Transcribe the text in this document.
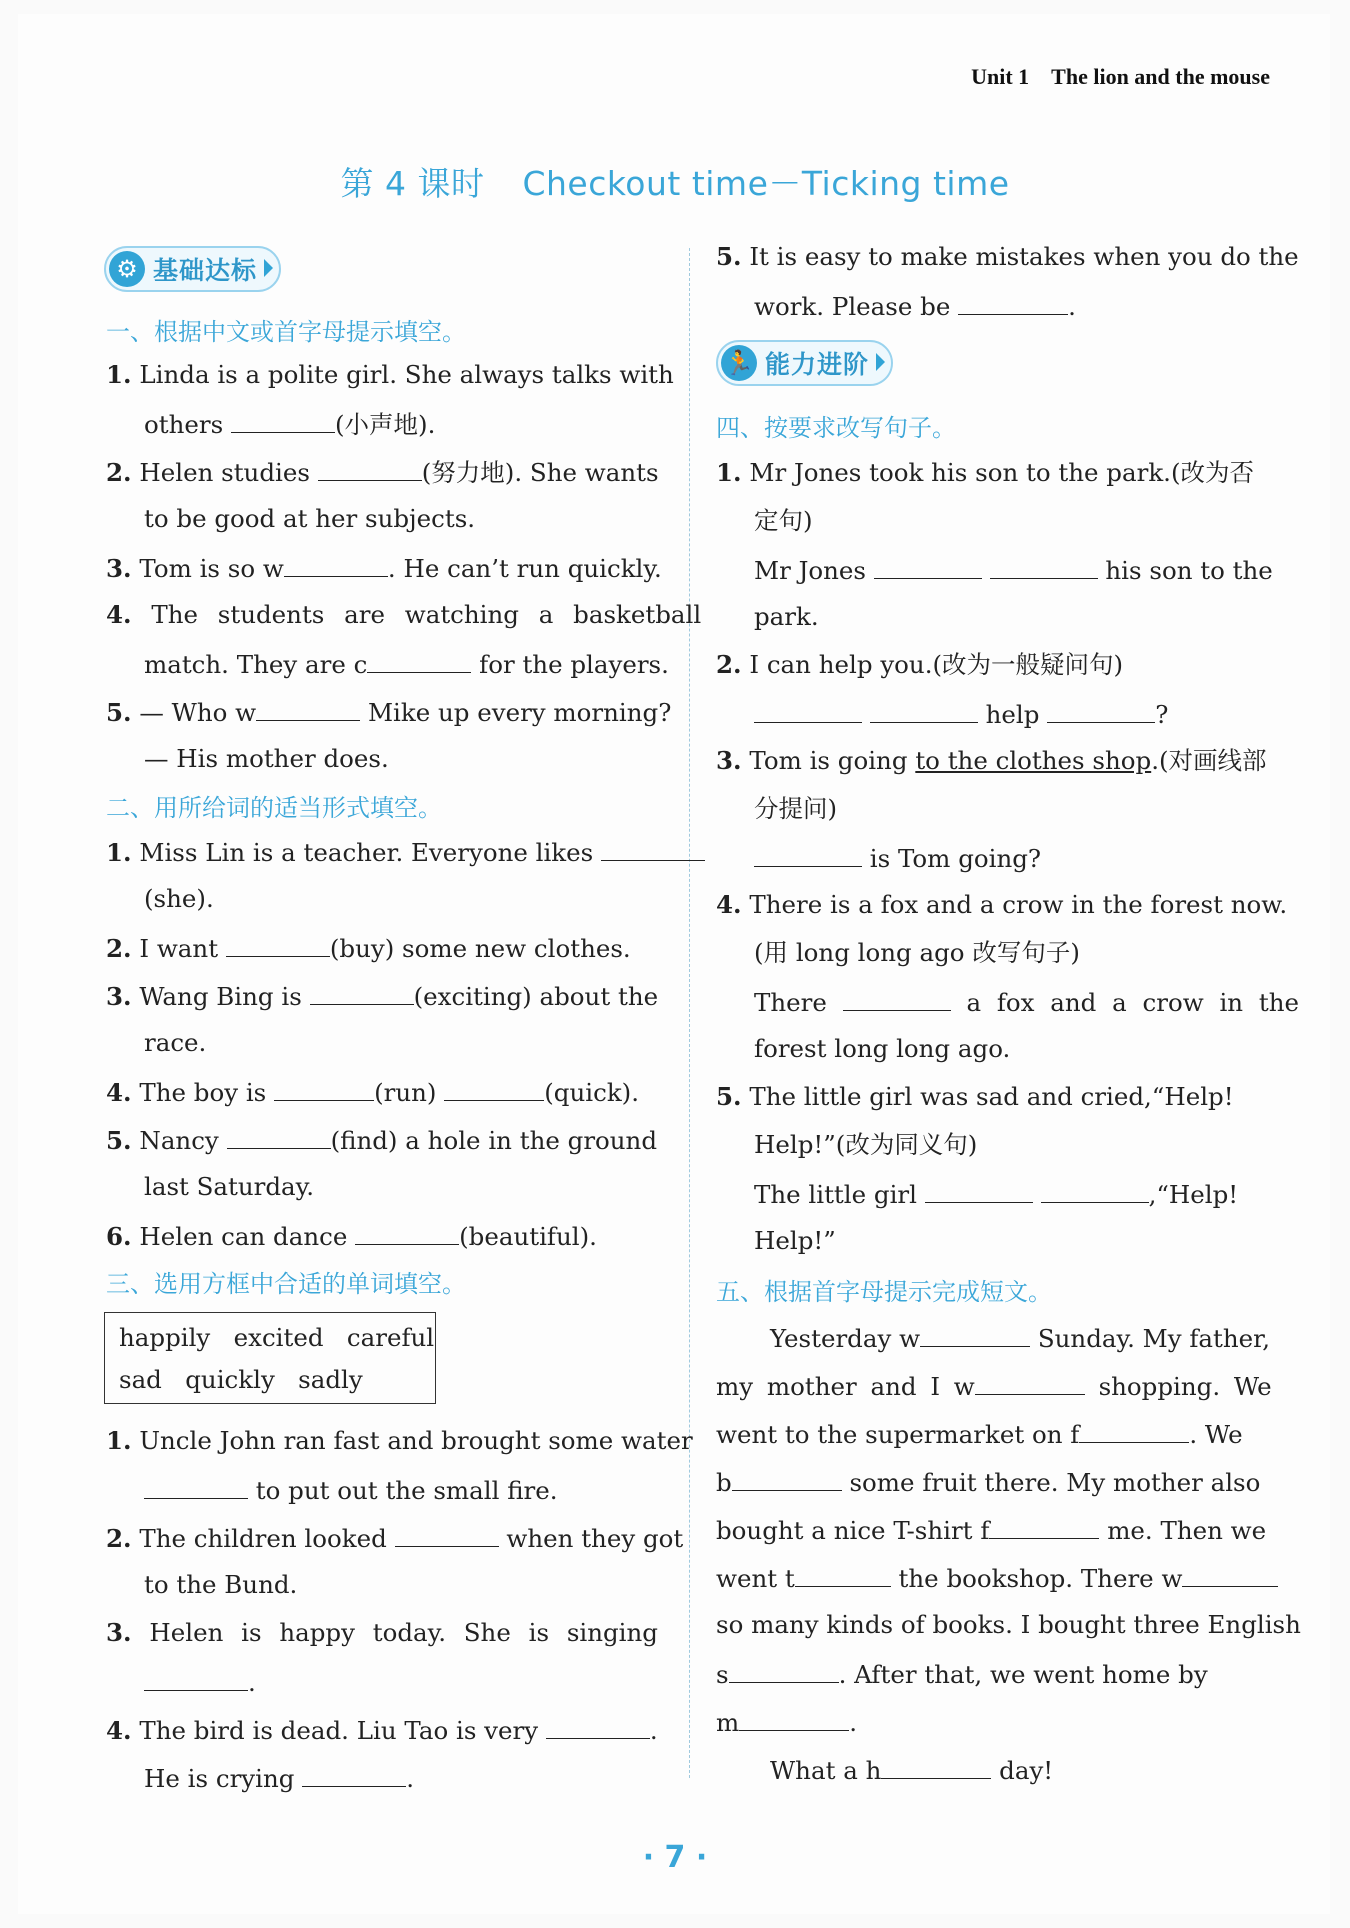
Unit 1 The lion and the mouse
第 4 课时 Checkout time－Ticking time
⚙ 基础达标
一、根据中文或首字母提示填空。
1. Linda is a polite girl. She always talks with
others	(小声地).
2. Helen studies	(努力地). She wants
to be good at her subjects.
3. Tom is so w	. He can’t run quickly.
4. The students are watching a basketball
match. They are c	for the players.
5. — Who w	Mike up every morning?
— His mother does.
二、用所给词的适当形式填空。
1. Miss Lin is a teacher. Everyone likes
(she).
2. I want	(buy) some new clothes.
3. Wang Bing is	(exciting) about the
race.
4. The boy is	(run)	(quick).
5. Nancy	(find) a hole in the ground
last Saturday.
6. Helen can dance	(beautiful).
三、选用方框中合适的单词填空。
happily excited careful
sad quickly sadly
1. Uncle John ran fast and brought some water
to put out the small fire.
2. The children looked	when they got
to the Bund.
3. Helen is happy today. She is singing
.
4. The bird is dead. Liu Tao is very	.
He is crying	.
5. It is easy to make mistakes when you do the
work. Please be	.
🏃 能力进阶
四、按要求改写句子。
1. Mr Jones took his son to the park.(改为否
定句)
Mr Jones	his son to the
park.
2. I can help you.(改为一般疑问句)
help	?
3. Tom is going to the clothes shop.(对画线部
分提问)
is Tom going?
4. There is a fox and a crow in the forest now.
(用 long long ago 改写句子)
There	a fox and a crow in the
forest long long ago.
5. The little girl was sad and cried,“Help!
Help!”(改为同义句)
The little girl	,“Help!
Help!”
五、根据首字母提示完成短文。
Yesterday w	Sunday. My father,
my mother and I w	shopping. We
went to the supermarket on f	. We
b	some fruit there. My mother also
bought a nice T-shirt f	me. Then we
went t	the bookshop. There w
so many kinds of books. I bought three English
s	. After that, we went home by
m	.
What a h	day!
· 7 ·
